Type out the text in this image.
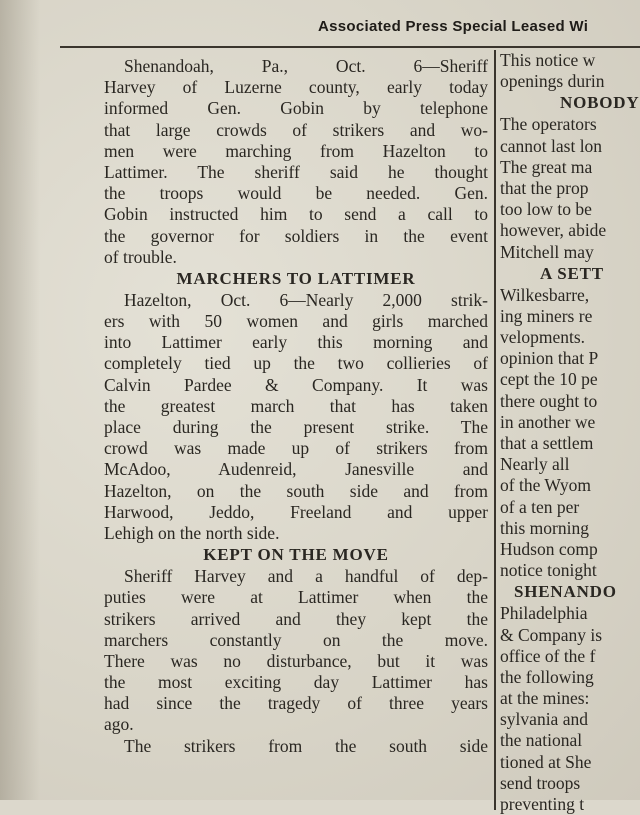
Associated Press Special Leased Wi
Shenandoah, Pa., Oct. 6—Sheriff
Harvey of Luzerne county, early today
informed Gen. Gobin by telephone
that large crowds of strikers and wo-
men were marching from Hazelton to
Lattimer. The sheriff said he thought
the troops would be needed. Gen.
Gobin instructed him to send a call to
the governor for soldiers in the event
of trouble.
MARCHERS TO LATTIMER
Hazelton, Oct. 6—Nearly 2,000 strik-
ers with 50 women and girls marched
into Lattimer early this morning and
completely tied up the two collieries of
Calvin Pardee & Company. It was
the greatest march that has taken
place during the present strike. The
crowd was made up of strikers from
McAdoo, Audenreid, Janesville and
Hazelton, on the south side and from
Harwood, Jeddo, Freeland and upper
Lehigh on the north side.
KEPT ON THE MOVE
Sheriff Harvey and a handful of dep-
puties were at Lattimer when the
strikers arrived and they kept the
marchers constantly on the move.
There was no disturbance, but it was
the most exciting day Lattimer has
had since the tragedy of three years
ago.
The strikers from the south side
This notice w
openings durin
NOBODY
The operators
cannot last lon
The great ma
that the prop
too low to be
however, abide
Mitchell may
A SETT
Wilkesbarre,
ing miners re
velopments.
opinion that P
cept the 10 pe
there ought to
in another we
that a settlem
Nearly all
of the Wyom
of a ten per
this morning
Hudson comp
notice tonight
SHENANDO
Philadelphia
& Company is
office of the f
the following
at the mines:
sylvania and
the national
tioned at She
send troops
preventing t
